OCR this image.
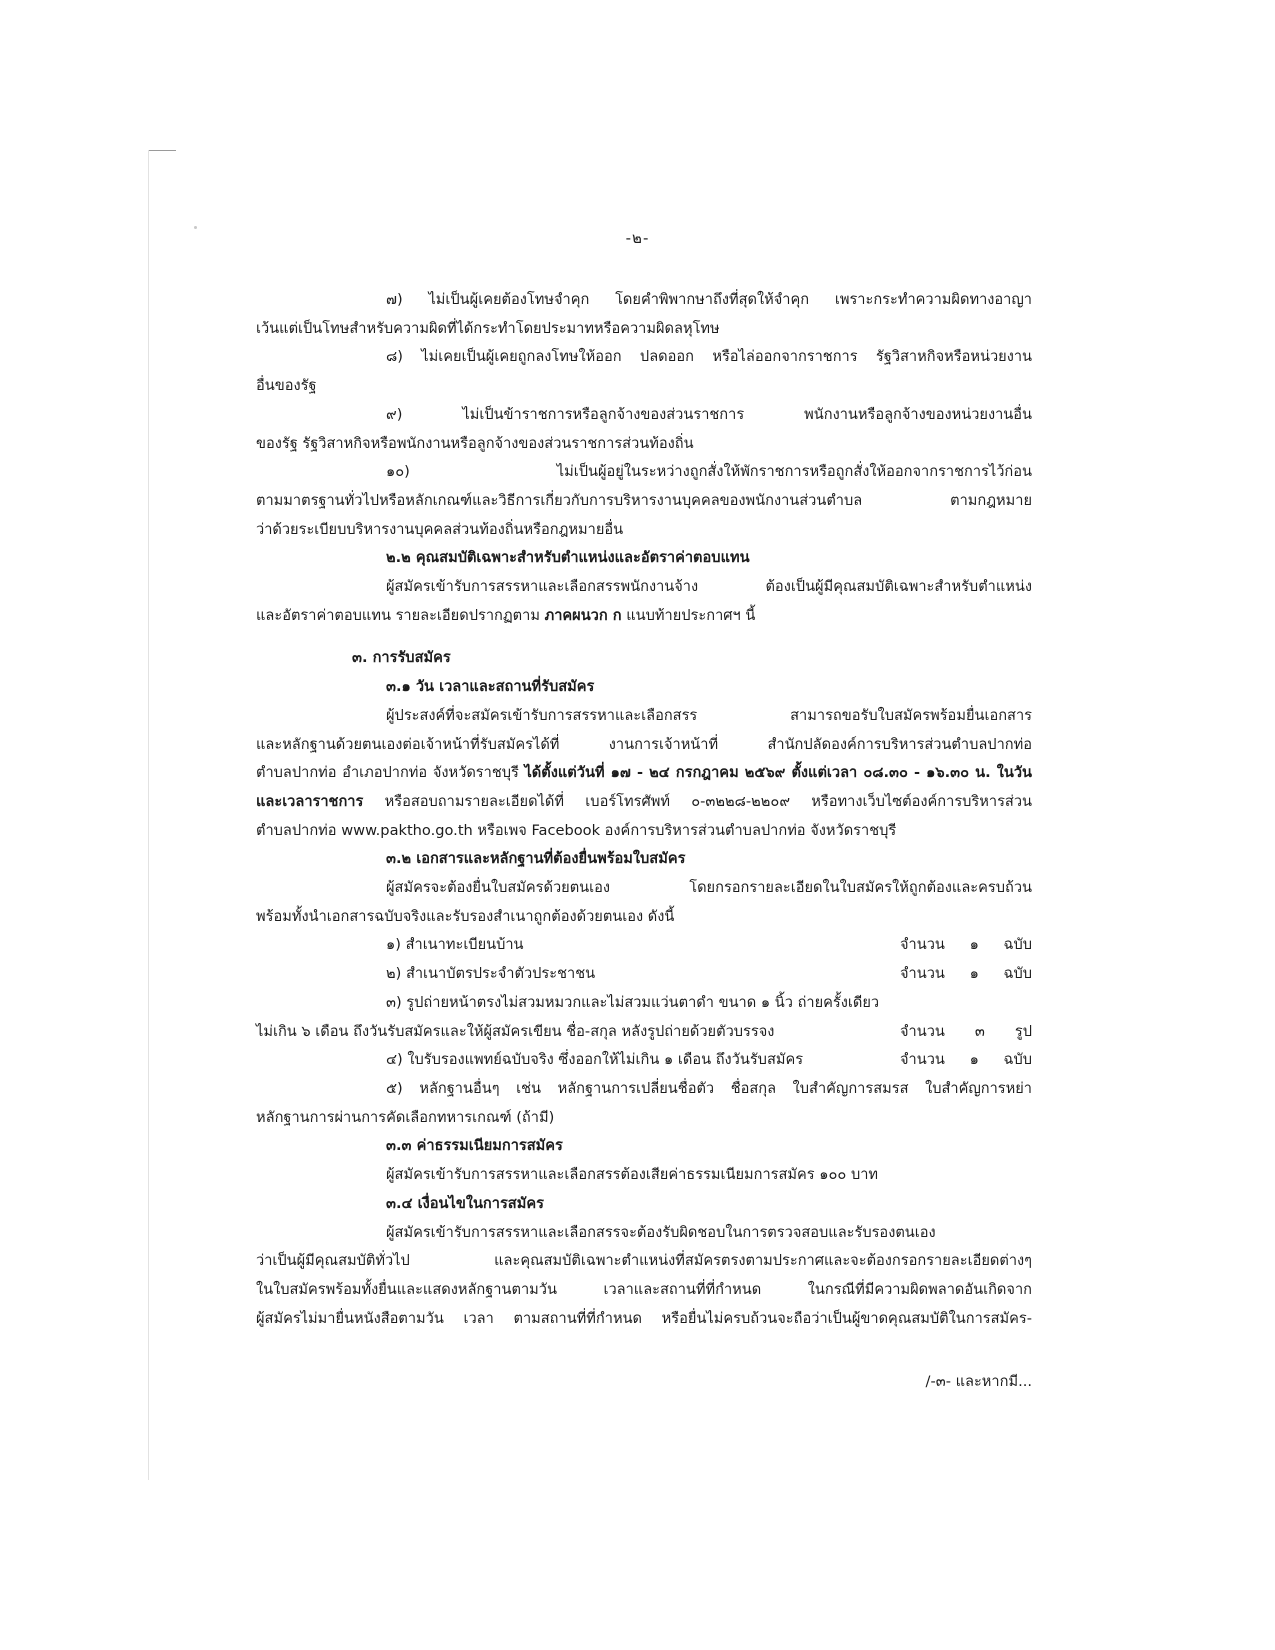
-๒-
๗) ไม่เป็นผู้เคยต้องโทษจำคุก โดยคำพิพากษาถึงที่สุดให้จำคุก เพราะกระทำความผิดทางอาญา
เว้นแต่เป็นโทษสำหรับความผิดที่ได้กระทำโดยประมาทหรือความผิดลหุโทษ
๘) ไม่เคยเป็นผู้เคยถูกลงโทษให้ออก ปลดออก หรือไล่ออกจากราชการ รัฐวิสาหกิจหรือหน่วยงาน
อื่นของรัฐ
๙) ไม่เป็นข้าราชการหรือลูกจ้างของส่วนราชการ พนักงานหรือลูกจ้างของหน่วยงานอื่น
ของรัฐ รัฐวิสาหกิจหรือพนักงานหรือลูกจ้างของส่วนราชการส่วนท้องถิ่น
๑๐) ไม่เป็นผู้อยู่ในระหว่างถูกสั่งให้พักราชการหรือถูกสั่งให้ออกจากราชการไว้ก่อน
ตามมาตรฐานทั่วไปหรือหลักเกณฑ์และวิธีการเกี่ยวกับการบริหารงานบุคคลของพนักงานส่วนตำบล ตามกฎหมาย
ว่าด้วยระเบียบบริหารงานบุคคลส่วนท้องถิ่นหรือกฎหมายอื่น
๒.๒ คุณสมบัติเฉพาะสำหรับตำแหน่งและอัตราค่าตอบแทน
ผู้สมัครเข้ารับการสรรหาและเลือกสรรพนักงานจ้าง ต้องเป็นผู้มีคุณสมบัติเฉพาะสำหรับตำแหน่ง
และอัตราค่าตอบแทน รายละเอียดปรากฏตาม ภาคผนวก ก แนบท้ายประกาศฯ นี้
๓. การรับสมัคร
๓.๑ วัน เวลาและสถานที่รับสมัคร
ผู้ประสงค์ที่จะสมัครเข้ารับการสรรหาและเลือกสรร สามารถขอรับใบสมัครพร้อมยื่นเอกสาร
และหลักฐานด้วยตนเองต่อเจ้าหน้าที่รับสมัครได้ที่ งานการเจ้าหน้าที่ สำนักปลัดองค์การบริหารส่วนตำบลปากท่อ
ตำบลปากท่อ อำเภอปากท่อ จังหวัดราชบุรี ได้ตั้งแต่วันที่ ๑๗ - ๒๔ กรกฎาคม ๒๕๖๙ ตั้งแต่เวลา ๐๘.๓๐ - ๑๖.๓๐ น. ในวัน
และเวลาราชการ หรือสอบถามรายละเอียดได้ที่ เบอร์โทรศัพท์ ๐-๓๒๒๘-๒๒๐๙ หรือทางเว็บไซต์องค์การบริหารส่วน
ตำบลปากท่อ www.paktho.go.th หรือเพจ Facebook องค์การบริหารส่วนตำบลปากท่อ จังหวัดราชบุรี
๓.๒ เอกสารและหลักฐานที่ต้องยื่นพร้อมใบสมัคร
ผู้สมัครจะต้องยื่นใบสมัครด้วยตนเอง โดยกรอกรายละเอียดในใบสมัครให้ถูกต้องและครบถ้วน
พร้อมทั้งนำเอกสารฉบับจริงและรับรองสำเนาถูกต้องด้วยตนเอง ดังนี้
๑) สำเนาทะเบียนบ้าน	จำนวน ๑ ฉบับ
๒) สำเนาบัตรประจำตัวประชาชน	จำนวน ๑ ฉบับ
๓) รูปถ่ายหน้าตรงไม่สวมหมวกและไม่สวมแว่นตาดำ ขนาด ๑ นิ้ว ถ่ายครั้งเดียว
ไม่เกิน ๖ เดือน ถึงวันรับสมัครและให้ผู้สมัครเขียน ชื่อ-สกุล หลังรูปถ่ายด้วยตัวบรรจง	จำนวน ๓ รูป
๔) ใบรับรองแพทย์ฉบับจริง ซึ่งออกให้ไม่เกิน ๑ เดือน ถึงวันรับสมัคร	จำนวน ๑ ฉบับ
๕) หลักฐานอื่นๆ เช่น หลักฐานการเปลี่ยนชื่อตัว ชื่อสกุล ใบสำคัญการสมรส ใบสำคัญการหย่า
หลักฐานการผ่านการคัดเลือกทหารเกณฑ์ (ถ้ามี)
๓.๓ ค่าธรรมเนียมการสมัคร
ผู้สมัครเข้ารับการสรรหาและเลือกสรรต้องเสียค่าธรรมเนียมการสมัคร ๑๐๐ บาท
๓.๔ เงื่อนไขในการสมัคร
ผู้สมัครเข้ารับการสรรหาและเลือกสรรจะต้องรับผิดชอบในการตรวจสอบและรับรองตนเอง
ว่าเป็นผู้มีคุณสมบัติทั่วไป และคุณสมบัติเฉพาะตำแหน่งที่สมัครตรงตามประกาศและจะต้องกรอกรายละเอียดต่างๆ
ในใบสมัครพร้อมทั้งยื่นและแสดงหลักฐานตามวัน เวลาและสถานที่ที่กำหนด ในกรณีที่มีความผิดพลาดอันเกิดจาก
ผู้สมัครไม่มายื่นหนังสือตามวัน เวลา ตามสถานที่ที่กำหนด หรือยื่นไม่ครบถ้วนจะถือว่าเป็นผู้ขาดคุณสมบัติในการสมัคร-
/-๓- และหากมี...
